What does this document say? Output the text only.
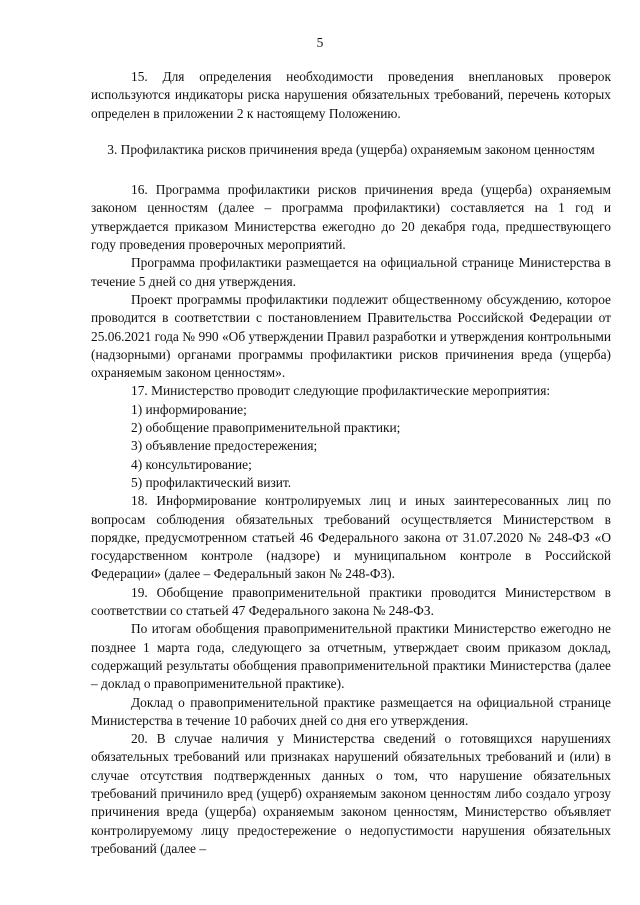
5

15. Для определения необходимости проведения внеплановых проверок используются индикаторы риска нарушения обязательных требований, перечень которых определен в приложении 2 к настоящему Положению.

3. Профилактика рисков причинения вреда (ущерба) охраняемым законом ценностям

16. Программа профилактики рисков причинения вреда (ущерба) охраняемым законом ценностям (далее – программа профилактики) составляется на 1 год и утверждается приказом Министерства ежегодно до 20 декабря года, предшествующего году проведения проверочных мероприятий.

Программа профилактики размещается на официальной странице Министерства в течение 5 дней со дня утверждения.

Проект программы профилактики подлежит общественному обсуждению, которое проводится в соответствии с постановлением Правительства Российской Федерации от 25.06.2021 года № 990 «Об утверждении Правил разработки и утверждения контрольными (надзорными) органами программы профилактики рисков причинения вреда (ущерба) охраняемым законом ценностям».

17. Министерство проводит следующие профилактические мероприятия:

1) информирование;

2) обобщение правоприменительной практики;

3) объявление предостережения;

4) консультирование;

5) профилактический визит.

18. Информирование контролируемых лиц и иных заинтересованных лиц по вопросам соблюдения обязательных требований осуществляется Министерством в порядке, предусмотренном статьей 46 Федерального закона от 31.07.2020 № 248-ФЗ «О государственном контроле (надзоре) и муниципальном контроле в Российской Федерации» (далее – Федеральный закон № 248-ФЗ).

19. Обобщение правоприменительной практики проводится Министерством в соответствии со статьей 47 Федерального закона № 248-ФЗ.

По итогам обобщения правоприменительной практики Министерство ежегодно не позднее 1 марта года, следующего за отчетным, утверждает своим приказом доклад, содержащий результаты обобщения правоприменительной практики Министерства (далее – доклад о правоприменительной практике).

Доклад о правоприменительной практике размещается на официальной странице Министерства в течение 10 рабочих дней со дня его утверждения.

20. В случае наличия у Министерства сведений о готовящихся нарушениях обязательных требований или признаках нарушений обязательных требований и (или) в случае отсутствия подтвержденных данных о том, что нарушение обязательных требований причинило вред (ущерб) охраняемым законом ценностям либо создало угрозу причинения вреда (ущерба) охраняемым законом ценностям, Министерство объявляет контролируемому лицу предостережение о недопустимости нарушения обязательных требований (далее –
